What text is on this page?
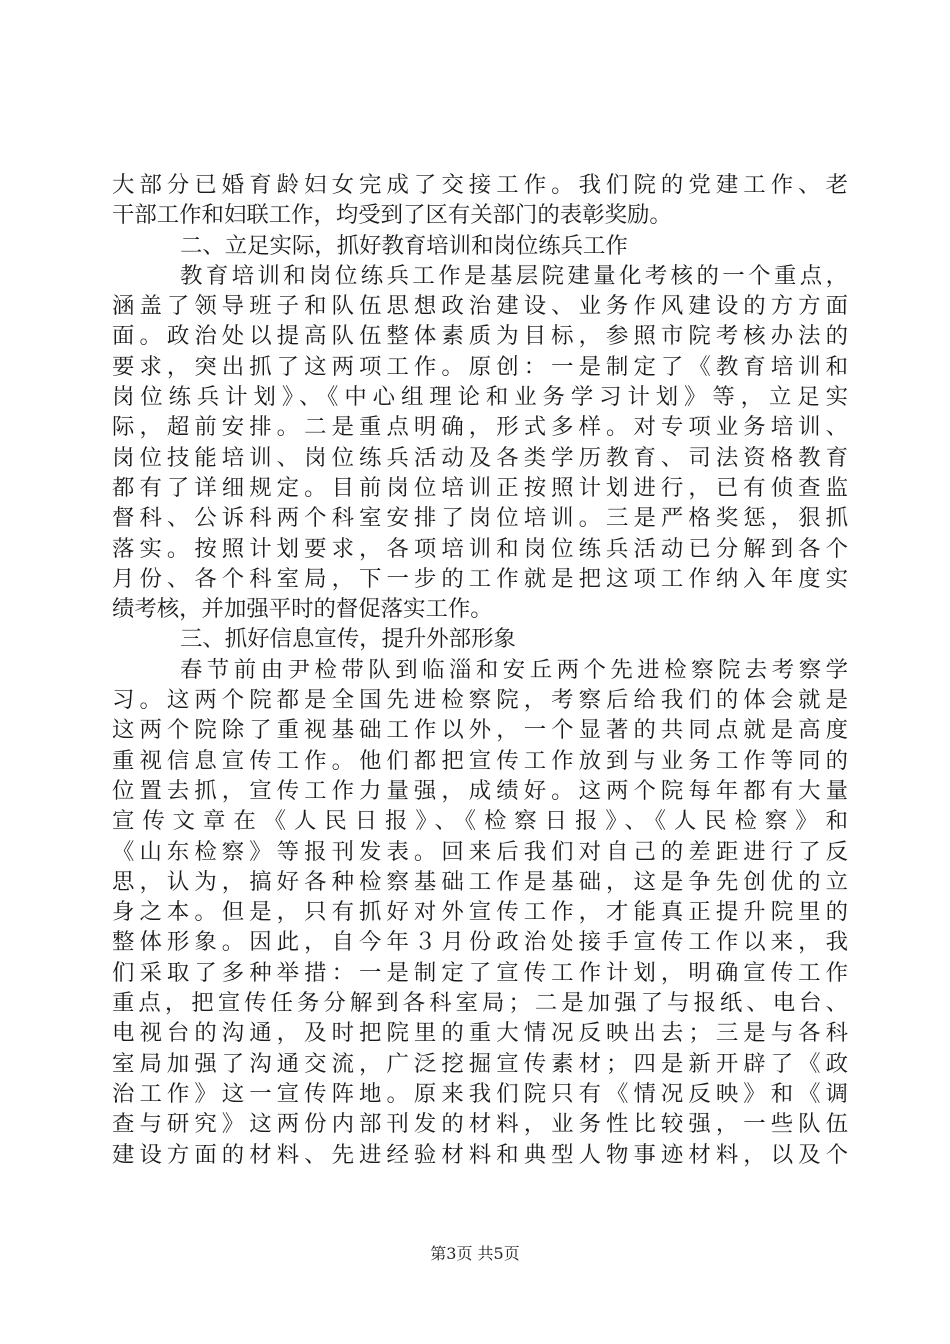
大部分已婚育龄妇女完成了交接工作。我们院的党建工作、老
干部工作和妇联工作，均受到了区有关部门的表彰奖励。
二、立足实际，抓好教育培训和岗位练兵工作
教育培训和岗位练兵工作是基层院建量化考核的一个重点，
涵盖了领导班子和队伍思想政治建设、业务作风建设的方方面
面。政治处以提高队伍整体素质为目标，参照市院考核办法的
要求，突出抓了这两项工作。原创：一是制定了《教育培训和
岗位练兵计划》、《中心组理论和业务学习计划》等，立足实
际，超前安排。二是重点明确，形式多样。对专项业务培训、
岗位技能培训、岗位练兵活动及各类学历教育、司法资格教育
都有了详细规定。目前岗位培训正按照计划进行，已有侦查监
督科、公诉科两个科室安排了岗位培训。三是严格奖惩，狠抓
落实。按照计划要求，各项培训和岗位练兵活动已分解到各个
月份、各个科室局，下一步的工作就是把这项工作纳入年度实
绩考核，并加强平时的督促落实工作。
三、抓好信息宣传，提升外部形象
春节前由尹检带队到临淄和安丘两个先进检察院去考察学
习。这两个院都是全国先进检察院，考察后给我们的体会就是
这两个院除了重视基础工作以外，一个显著的共同点就是高度
重视信息宣传工作。他们都把宣传工作放到与业务工作等同的
位置去抓，宣传工作力量强，成绩好。这两个院每年都有大量
宣传文章在《人民日报》、《检察日报》、《人民检察》和
《山东检察》等报刊发表。回来后我们对自己的差距进行了反
思，认为，搞好各种检察基础工作是基础，这是争先创优的立
身之本。但是，只有抓好对外宣传工作，才能真正提升院里的
整体形象。因此，自今年３月份政治处接手宣传工作以来，我
们采取了多种举措：一是制定了宣传工作计划，明确宣传工作
重点，把宣传任务分解到各科室局；二是加强了与报纸、电台、
电视台的沟通，及时把院里的重大情况反映出去；三是与各科
室局加强了沟通交流，广泛挖掘宣传素材；四是新开辟了《政
治工作》这一宣传阵地。原来我们院只有《情况反映》和《调
查与研究》这两份内部刊发的材料，业务性比较强，一些队伍
建设方面的材料、先进经验材料和典型人物事迹材料，以及个
第3页 共5页
